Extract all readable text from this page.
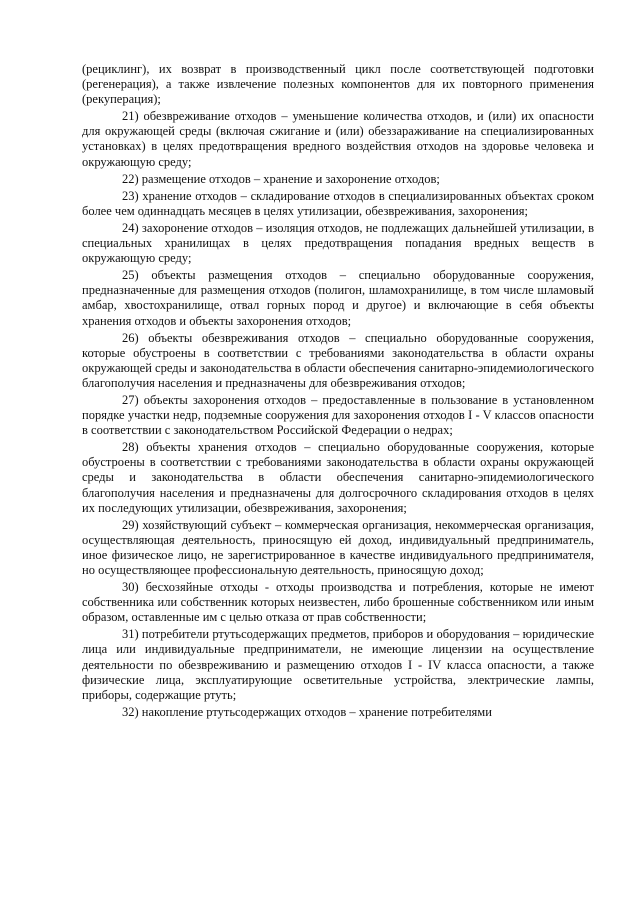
(рециклинг), их возврат в производственный цикл после соответствующей подготовки (регенерация), а также извлечение полезных компонентов для их повторного применения (рекуперация);

21) обезвреживание отходов – уменьшение количества отходов, и (или) их опасности для окружающей среды (включая сжигание и (или) обеззараживание на специализированных установках) в целях предотвращения вредного воздействия отходов на здоровье человека и окружающую среду;

22) размещение отходов – хранение и захоронение отходов;

23) хранение отходов – складирование отходов в специализированных объектах сроком более чем одиннадцать месяцев в целях утилизации, обезвреживания, захоронения;

24) захоронение отходов – изоляция отходов, не подлежащих дальнейшей утилизации, в специальных хранилищах в целях предотвращения попадания вредных веществ в окружающую среду;

25) объекты размещения отходов – специально оборудованные сооружения, предназначенные для размещения отходов (полигон, шламохранилище, в том числе шламовый амбар, хвостохранилище, отвал горных пород и другое) и включающие в себя объекты хранения отходов и объекты захоронения отходов;

26) объекты обезвреживания отходов – специально оборудованные сооружения, которые обустроены в соответствии с требованиями законодательства в области охраны окружающей среды и законодательства в области обеспечения санитарно-эпидемиологического благополучия населения и предназначены для обезвреживания отходов;

27) объекты захоронения отходов – предоставленные в пользование в установленном порядке участки недр, подземные сооружения для захоронения отходов I - V классов опасности в соответствии с законодательством Российской Федерации о недрах;

28) объекты хранения отходов – специально оборудованные сооружения, которые обустроены в соответствии с требованиями законодательства в области охраны окружающей среды и законодательства в области обеспечения санитарно-эпидемиологического благополучия населения и предназначены для долгосрочного складирования отходов в целях их последующих утилизации, обезвреживания, захоронения;

29) хозяйствующий субъект – коммерческая организация, некоммерческая организация, осуществляющая деятельность, приносящую ей доход, индивидуальный предприниматель, иное физическое лицо, не зарегистрированное в качестве индивидуального предпринимателя, но осуществляющее профессиональную деятельность, приносящую доход;

30) бесхозяйные отходы - отходы производства и потребления, которые не имеют собственника или собственник которых неизвестен, либо брошенные собственником или иным образом, оставленные им с целью отказа от прав собственности;

31) потребители ртутьсодержащих предметов, приборов и оборудования – юридические лица или индивидуальные предприниматели, не имеющие лицензии на осуществление деятельности по обезвреживанию и размещению отходов I - IV класса опасности, а также физические лица, эксплуатирующие осветительные устройства, электрические лампы, приборы, содержащие ртуть;

32) накопление ртутьсодержащих отходов – хранение потребителями
